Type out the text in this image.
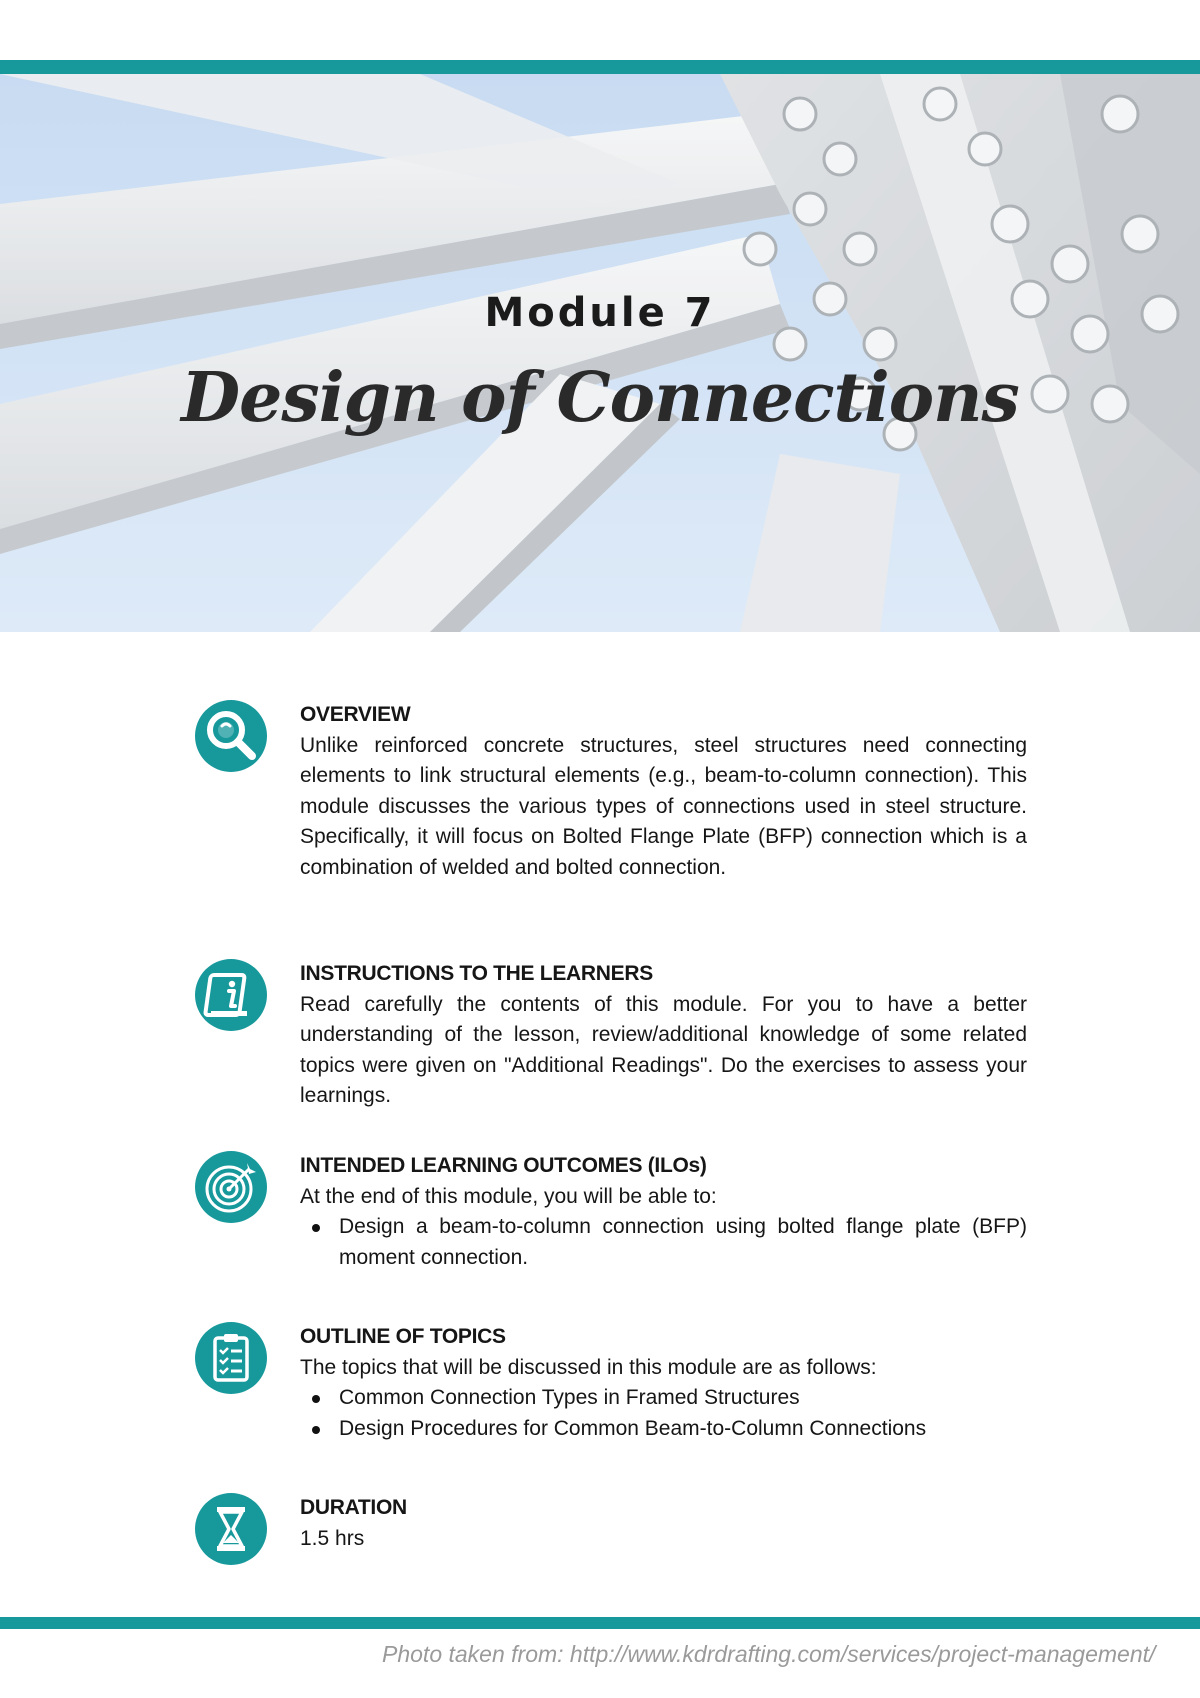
Module 7
Design of Connections
OVERVIEW
Unlike reinforced concrete structures, steel structures need connecting elements to link structural elements (e.g., beam-to-column connection). This module discusses the various types of connections used in steel structure. Specifically, it will focus on Bolted Flange Plate (BFP) connection which is a combination of welded and bolted connection.
INSTRUCTIONS TO THE LEARNERS
Read carefully the contents of this module. For you to have a better understanding of the lesson, review/additional knowledge of some related topics were given on "Additional Readings". Do the exercises to assess your learnings.
INTENDED LEARNING OUTCOMES (ILOs)
At the end of this module, you will be able to:
Design a beam-to-column connection using bolted flange plate (BFP) moment connection.
OUTLINE OF TOPICS
The topics that will be discussed in this module are as follows:
Common Connection Types in Framed Structures
Design Procedures for Common Beam-to-Column Connections
DURATION
1.5 hrs
Photo taken from: http://www.kdrdrafting.com/services/project-management/
